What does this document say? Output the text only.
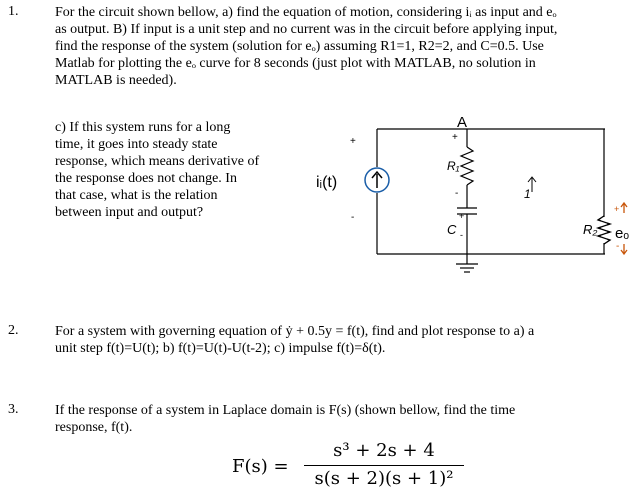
1.	For the circuit shown bellow, a) find the equation of motion, considering iᵢ as input and eₒ
as output. B) If input is a unit step and no current was in the circuit before applying input,
find the response of the system (solution for eₒ) assuming R1=1, R2=2, and C=0.5. Use
Matlab for plotting the eₒ curve for 8 seconds (just plot with MATLAB, no solution in
MATLAB is needed).
c) If this system runs for a long
time, it goes into steady state
response, which means derivative of
the response does not change. In
that case, what is the relation
between input and output?
+
-
+
-
+
-
iᵢ(t)
A
R₁
C	R₂
+
eₒ
-
1
2.	For a system with governing equation of ẏ + 0.5y = f(t), find and plot response to a) a
unit step f(t)=U(t); b) f(t)=U(t)-U(t-2); c) impulse f(t)=δ(t).
3.	If the response of a system in Laplace domain is F(s) (shown bellow, find the time
response, f(t).
F(s) =
s³ + 2s + 4
s(s + 2)(s + 1)²
